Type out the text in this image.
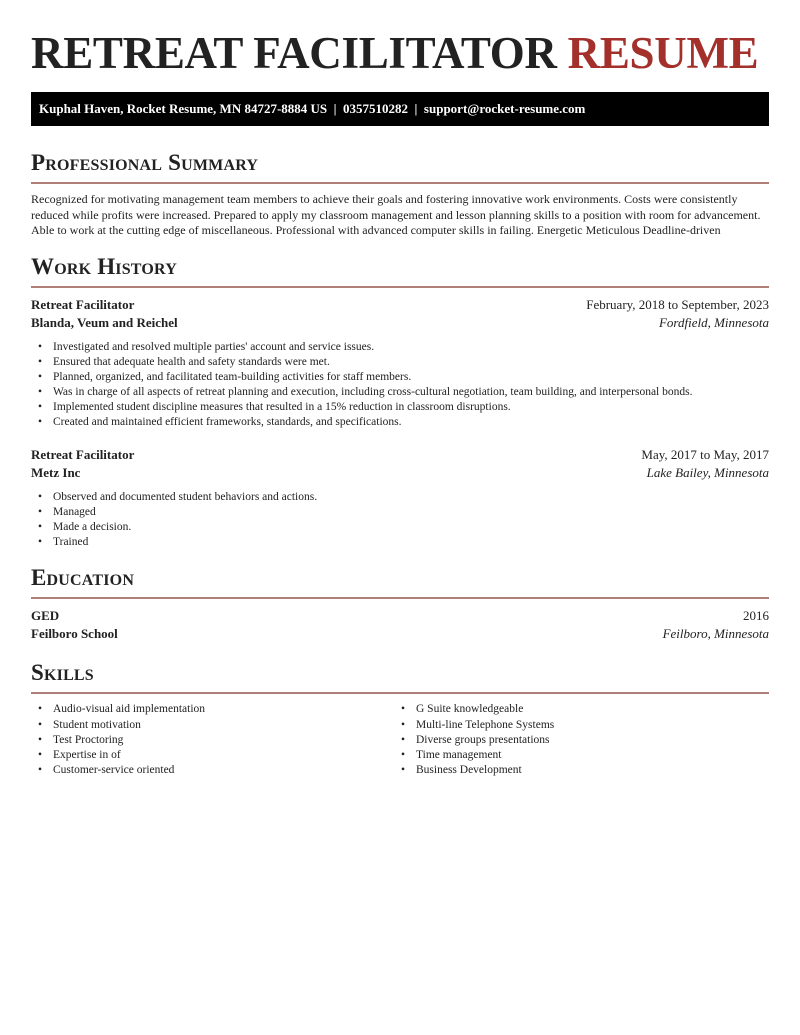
RETREAT FACILITATOR RESUME
Kuphal Haven, Rocket Resume, MN 84727-8884 US | 0357510282 | support@rocket-resume.com
Professional Summary

Recognized for motivating management team members to achieve their goals and fostering innovative work environments. Costs were consistently reduced while profits were increased. Prepared to apply my classroom management and lesson planning skills to a position with room for advancement. Able to work at the cutting edge of miscellaneous. Professional with advanced computer skills in failing. Energetic Meticulous Deadline-driven

Work History
Retreat Facilitator	February, 2018 to September, 2023
Blanda, Veum and Reichel	Fordfield, Minnesota
• Investigated and resolved multiple parties' account and service issues.
• Ensured that adequate health and safety standards were met.
• Planned, organized, and facilitated team-building activities for staff members.
• Was in charge of all aspects of retreat planning and execution, including cross-cultural negotiation, team building, and interpersonal bonds.
• Implemented student discipline measures that resulted in a 15% reduction in classroom disruptions.
• Created and maintained efficient frameworks, standards, and specifications.
Retreat Facilitator	May, 2017 to May, 2017
Metz Inc	Lake Bailey, Minnesota
• Observed and documented student behaviors and actions.
• Managed
• Made a decision.
• Trained
Education
GED	2016
Feilboro School	Feilboro, Minnesota
Skills
• Audio-visual aid implementation
• Student motivation
• Test Proctoring
• Expertise in of
• Customer-service oriented
• G Suite knowledgeable
• Multi-line Telephone Systems
• Diverse groups presentations
• Time management
• Business Development
